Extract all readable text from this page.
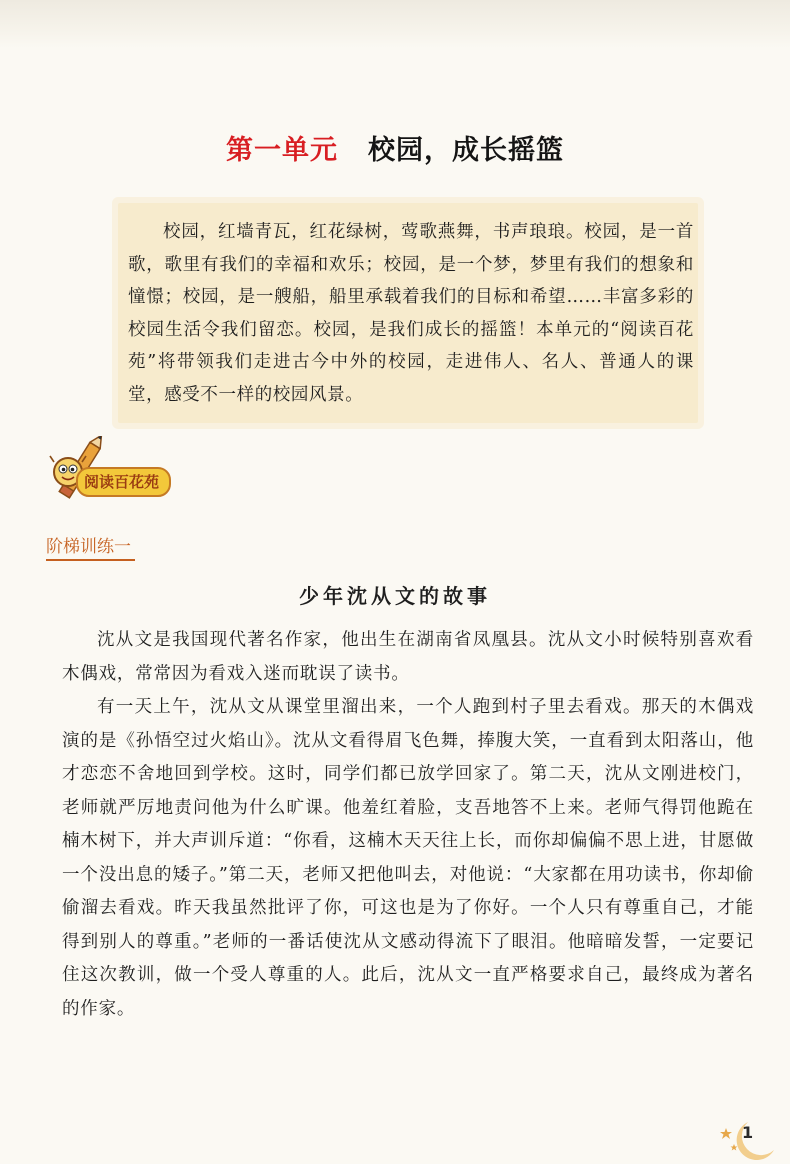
第一单元 校园，成长摇篮

校园，红墙青瓦，红花绿树，莺歌燕舞，书声琅琅。校园，是一首歌，歌里有我们的幸福和欢乐；校园，是一个梦，梦里有我们的想象和憧憬；校园，是一艘船，船里承载着我们的目标和希望……丰富多彩的校园生活令我们留恋。校园，是我们成长的摇篮！本单元的“阅读百花苑”将带领我们走进古今中外的校园，走进伟人、名人、普通人的课堂，感受不一样的校园风景。

阅读百花苑
阶梯训练一
少年沈从文的故事

沈从文是我国现代著名作家，他出生在湖南省凤凰县。沈从文小时候特别喜欢看木偶戏，常常因为看戏入迷而耽误了读书。

有一天上午，沈从文从课堂里溜出来，一个人跑到村子里去看戏。那天的木偶戏演的是《孙悟空过火焰山》。沈从文看得眉飞色舞，捧腹大笑，一直看到太阳落山，他才恋恋不舍地回到学校。这时，同学们都已放学回家了。第二天，沈从文刚进校门，老师就严厉地责问他为什么旷课。他羞红着脸，支吾地答不上来。老师气得罚他跪在楠木树下，并大声训斥道：“你看，这楠木天天往上长，而你却偏偏不思上进，甘愿做一个没出息的矮子。”第二天，老师又把他叫去，对他说：“大家都在用功读书，你却偷偷溜去看戏。昨天我虽然批评了你，可这也是为了你好。一个人只有尊重自己，才能得到别人的尊重。”老师的一番话使沈从文感动得流下了眼泪。他暗暗发誓，一定要记住这次教训，做一个受人尊重的人。此后，沈从文一直严格要求自己，最终成为著名的作家。

1
